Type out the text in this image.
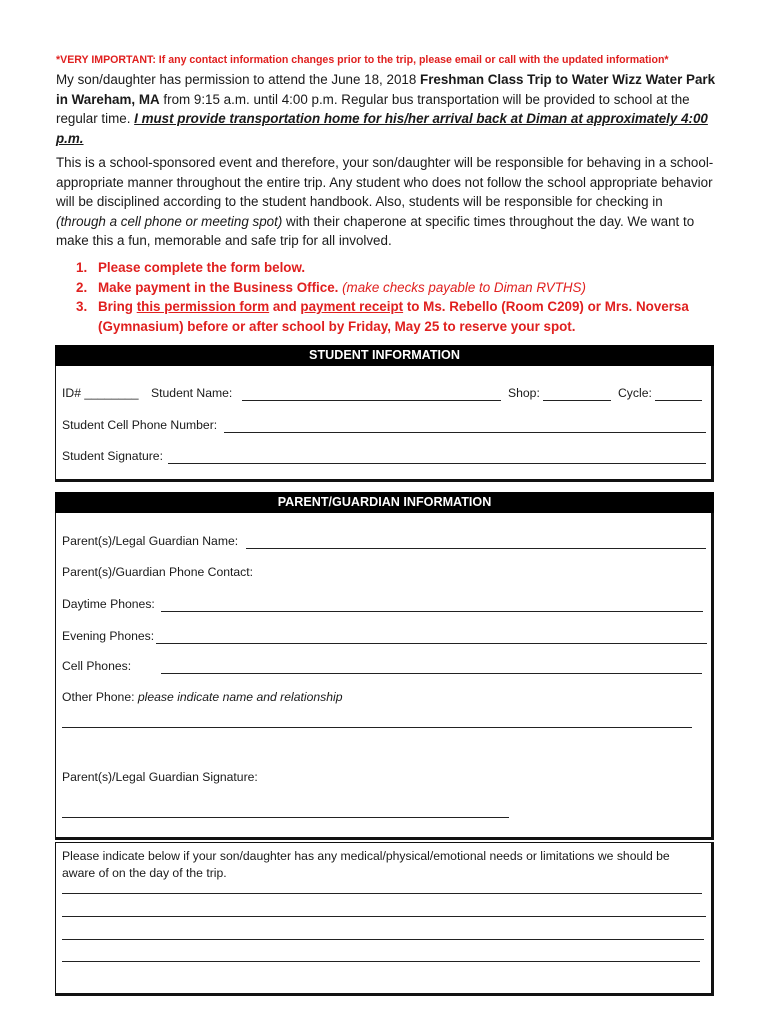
*VERY IMPORTANT: If any contact information changes prior to the trip, please email or call with the updated information*
My son/daughter has permission to attend the June 18, 2018 Freshman Class Trip to Water Wizz Water Park in Wareham, MA from 9:15 a.m. until 4:00 p.m. Regular bus transportation will be provided to school at the regular time. I must provide transportation home for his/her arrival back at Diman at approximately 4:00 p.m.
This is a school-sponsored event and therefore, your son/daughter will be responsible for behaving in a school-appropriate manner throughout the entire trip. Any student who does not follow the school appropriate behavior will be disciplined according to the student handbook. Also, students will be responsible for checking in (through a cell phone or meeting spot) with their chaperone at specific times throughout the day. We want to make this a fun, memorable and safe trip for all involved.
1. Please complete the form below.
2. Make payment in the Business Office. (make checks payable to Diman RVTHS)
3. Bring this permission form and payment receipt to Ms. Rebello (Room C209) or Mrs. Noversa (Gymnasium) before or after school by Friday, May 25 to reserve your spot.
STUDENT INFORMATION
ID# ________ Student Name:	Shop:	Cycle:
Student Cell Phone Number:
Student Signature:
PARENT/GUARDIAN INFORMATION
Parent(s)/Legal Guardian Name:
Parent(s)/Guardian Phone Contact:
Daytime Phones:
Evening Phones:
Cell Phones:
Other Phone: please indicate name and relationship
Parent(s)/Legal Guardian Signature:
Please indicate below if your son/daughter has any medical/physical/emotional needs or limitations we should be aware of on the day of the trip.
